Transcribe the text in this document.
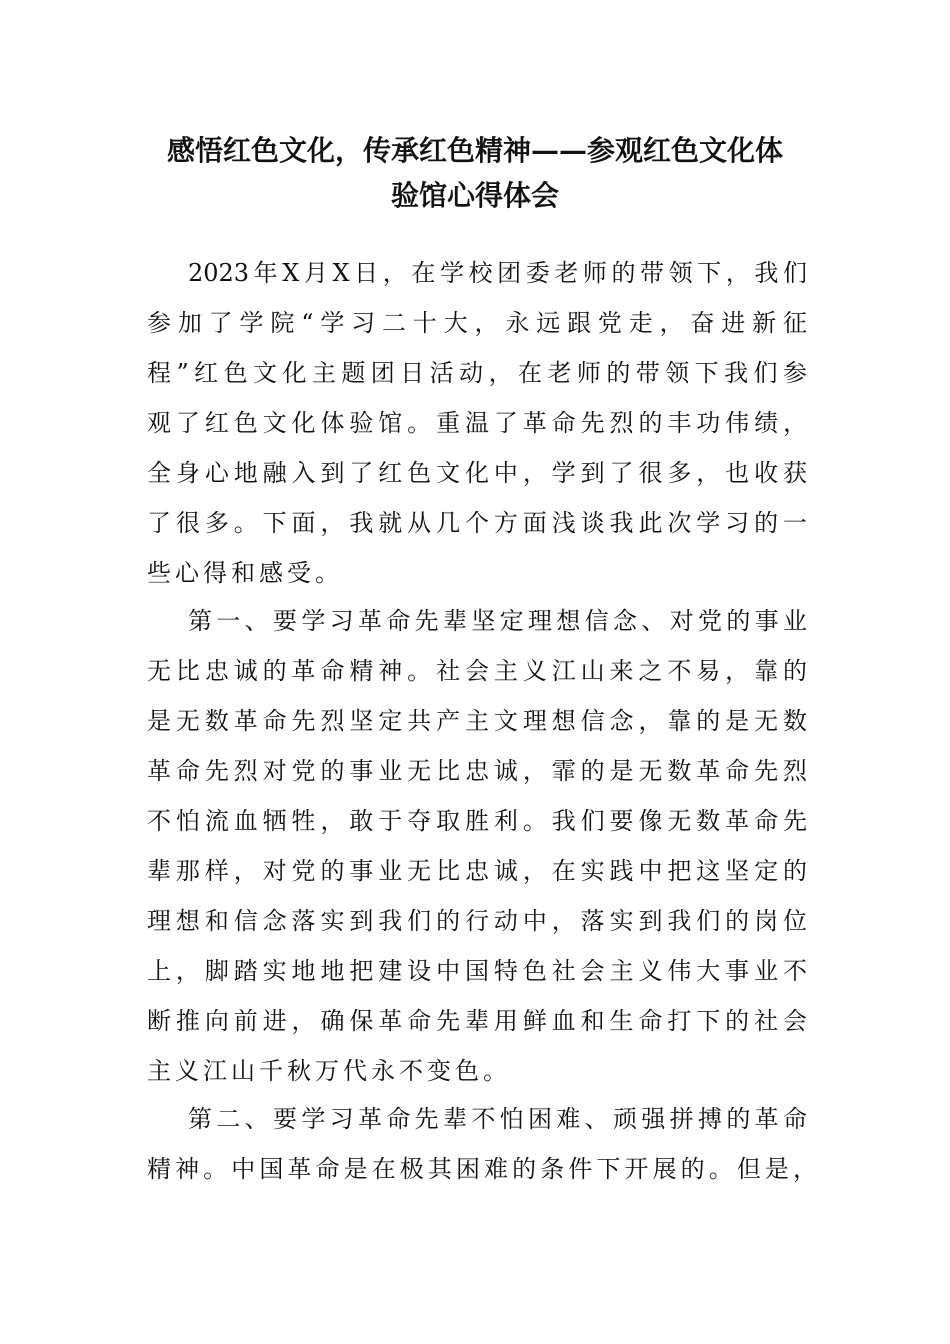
感悟红色文化，传承红色精神——参观红色文化体
验馆心得体会
2023年X月X日，在学校团委老师的带领下，我们
参加了学院“学习二十大，永远跟党走，奋进新征
程”红色文化主题团日活动，在老师的带领下我们参
观了红色文化体验馆。重温了革命先烈的丰功伟绩，
全身心地融入到了红色文化中，学到了很多，也收获
了很多。下面，我就从几个方面浅谈我此次学习的一
些心得和感受。
第一、要学习革命先辈坚定理想信念、对党的事业
无比忠诚的革命精神。社会主义江山来之不易，靠的
是无数革命先烈坚定共产主文理想信念，靠的是无数
革命先烈对党的事业无比忠诚，霏的是无数革命先烈
不怕流血牺牲，敢于夺取胜利。我们要像无数革命先
辈那样，对党的事业无比忠诚，在实践中把这坚定的
理想和信念落实到我们的行动中，落实到我们的岗位
上，脚踏实地地把建设中国特色社会主义伟大事业不
断推向前进，确保革命先辈用鲜血和生命打下的社会
主义江山千秋万代永不变色。
第二、要学习革命先辈不怕困难、顽强拼搏的革命
精神。中国革命是在极其困难的条件下开展的。但是，
